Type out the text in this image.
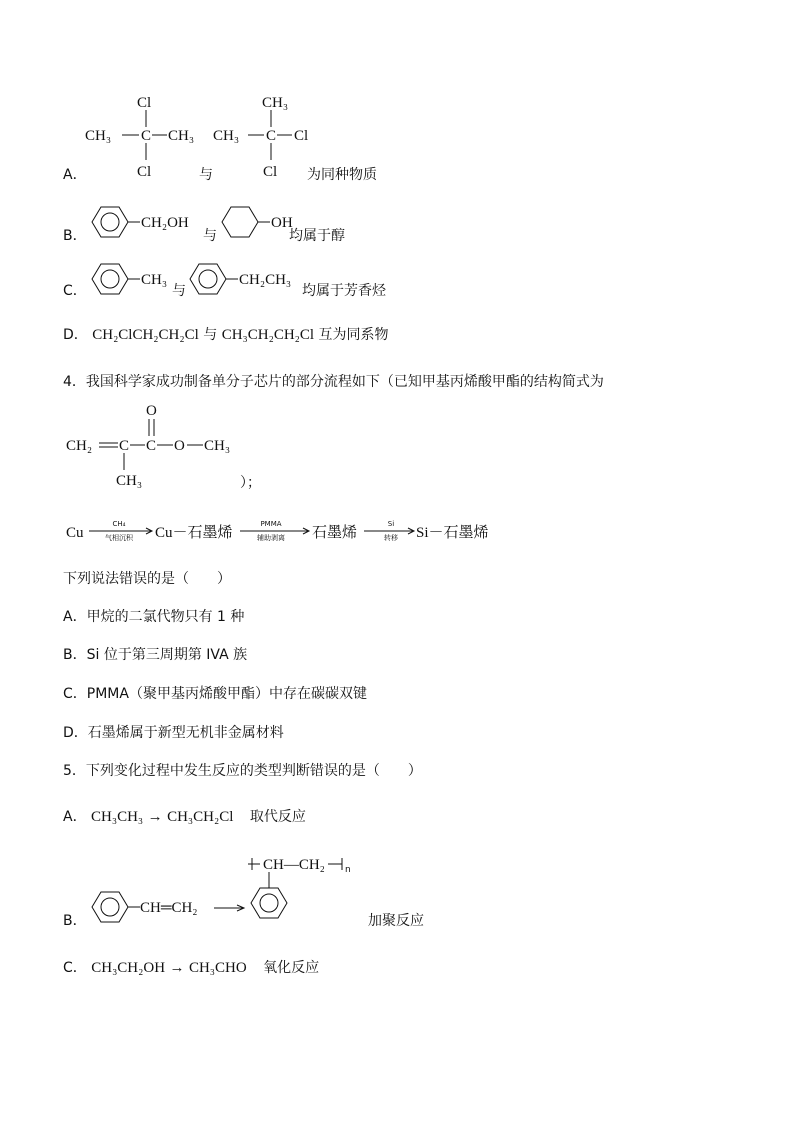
A．
Cl
CH₃ C CH₃
Cl	与
CH₃
CH₃ C Cl
Cl 为同种物质
B．
CH₂OH
与
OH
均属于醇
C．
CH₃
与
CH₂CH₃
均属于芳香烃
D． CH₂ClCH₂CH₂Cl 与 CH₃CH₂CH₂Cl 互为同系物
4．我国科学家成功制备单分子芯片的部分流程如下（已知甲基丙烯酸甲酯的结构简式为
O
CH₂ C C O CH₃
CH₃	）；
Cu
CH₄
气相沉积 Cu－石墨烯
PMMA
辅助剥离 石墨烯
Si
转移 Si－石墨烯
下列说法错误的是（　　）
A．甲烷的二氯代物只有 1 种
B．Si 位于第三周期第 IVA 族
C．PMMA（聚甲基丙烯酸甲酯）中存在碳碳双键
D．石墨烯属于新型无机非金属材料
5．下列变化过程中发生反应的类型判断错误的是（　　）
A． CH₃CH₃ → CH₃CH₂Cl 取代反应
B．
CH═CH₂
CH—CH₂ n
加聚反应
C． CH₃CH₂OH → CH₃CHO 氧化反应
